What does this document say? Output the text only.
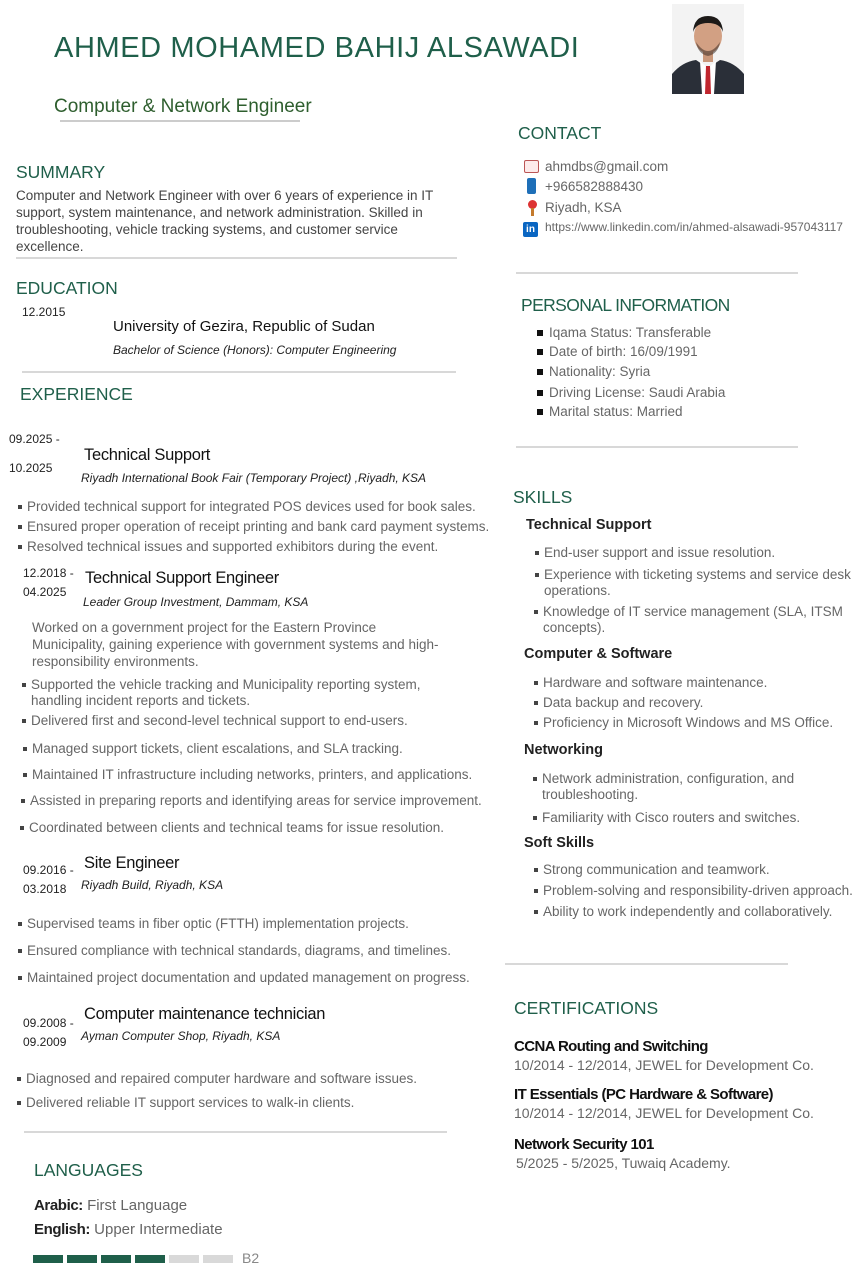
AHMED MOHAMED BAHIJ ALSAWADI
Computer & Network Engineer
SUMMARY
Computer and Network Engineer with over 6 years of experience in IT
support, system maintenance, and network administration. Skilled in
troubleshooting, vehicle tracking systems, and customer service excellence.
EDUCATION
12.2015
University of Gezira, Republic of Sudan
Bachelor of Science (Honors): Computer Engineering
EXPERIENCE
09.2025 -
10.2025
Technical Support
Riyadh International Book Fair (Temporary Project) ,Riyadh, KSA
Provided technical support for integrated POS devices used for book sales.
Ensured proper operation of receipt printing and bank card payment systems.
Resolved technical issues and supported exhibitors during the event.
12.2018 -
04.2025
Technical Support Engineer
Leader Group Investment, Dammam, KSA
Worked on a government project for the Eastern Province
Municipality, gaining experience with government systems and high-
responsibility environments.
Supported the vehicle tracking and Municipality reporting system,
handling incident reports and tickets.
Delivered first and second-level technical support to end-users.
Managed support tickets, client escalations, and SLA tracking.
Maintained IT infrastructure including networks, printers, and applications.
Assisted in preparing reports and identifying areas for service improvement.
Coordinated between clients and technical teams for issue resolution.
09.2016 -
03.2018
Site Engineer
Riyadh Build, Riyadh, KSA
Supervised teams in fiber optic (FTTH) implementation projects.
Ensured compliance with technical standards, diagrams, and timelines.
Maintained project documentation and updated management on progress.
09.2008 -
09.2009
Computer maintenance technician
Ayman Computer Shop, Riyadh, KSA
Diagnosed and repaired computer hardware and software issues.
Delivered reliable IT support services to walk-in clients.
LANGUAGES
Arabic: First Language
English: Upper Intermediate
B2
CONTACT
ahmdbs@gmail.com
+966582888430
Riyadh, KSA
in https://www.linkedin.com/in/ahmed-alsawadi-957043117
PERSONAL INFORMATION
Iqama Status: Transferable
Date of birth: 16/09/1991
Nationality: Syria
Driving License: Saudi Arabia
Marital status: Married
SKILLS
Technical Support
End-user support and issue resolution.
Experience with ticketing systems and service desk
operations.
Knowledge of IT service management (SLA, ITSM
concepts).
Computer & Software
Hardware and software maintenance.
Data backup and recovery.
Proficiency in Microsoft Windows and MS Office.
Networking
Network administration, configuration, and
troubleshooting.
Familiarity with Cisco routers and switches.
Soft Skills
Strong communication and teamwork.
Problem-solving and responsibility-driven approach.
Ability to work independently and collaboratively.
CERTIFICATIONS
CCNA Routing and Switching
10/2014 - 12/2014, JEWEL for Development Co.
IT Essentials (PC Hardware & Software)
10/2014 - 12/2014, JEWEL for Development Co.
Network Security 101
5/2025 - 5/2025, Tuwaiq Academy.
